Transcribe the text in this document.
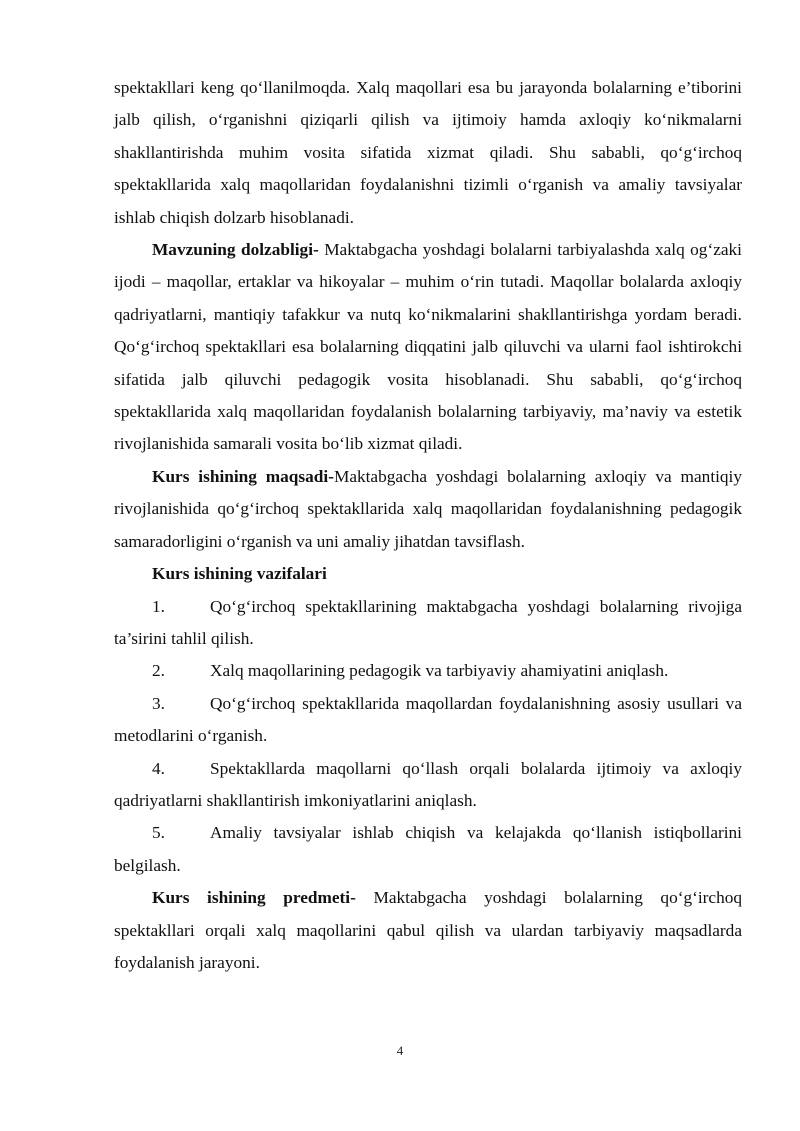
spektakllari keng qo‘llanilmoqda. Xalq maqollari esa bu jarayonda bolalarning e’tiborini jalb qilish, o‘rganishni qiziqarli qilish va ijtimoiy hamda axloqiy ko‘nikmalarni shakllantirishda muhim vosita sifatida xizmat qiladi. Shu sababli, qo‘g‘irchoq spektakllarida xalq maqollaridan foydalanishni tizimli o‘rganish va amaliy tavsiyalar ishlab chiqish dolzarb hisoblanadi.

Mavzuning dolzabligi- Maktabgacha yoshdagi bolalarni tarbiyalashda xalq og‘zaki ijodi – maqollar, ertaklar va hikoyalar – muhim o‘rin tutadi. Maqollar bolalarda axloqiy qadriyatlarni, mantiqiy tafakkur va nutq ko‘nikmalarini shakllantirishga yordam beradi. Qo‘g‘irchoq spektakllari esa bolalarning diqqatini jalb qiluvchi va ularni faol ishtirokchi sifatida jalb qiluvchi pedagogik vosita hisoblanadi. Shu sababli, qo‘g‘irchoq spektakllarida xalq maqollaridan foydalanish bolalarning tarbiyaviy, ma’naviy va estetik rivojlanishida samarali vosita bo‘lib xizmat qiladi.

Kurs ishining maqsadi-Maktabgacha yoshdagi bolalarning axloqiy va mantiqiy rivojlanishida qo‘g‘irchoq spektakllarida xalq maqollaridan foydalanishning pedagogik samaradorligini o‘rganish va uni amaliy jihatdan tavsiflash.

Kurs ishining vazifalari

1.	Qo‘g‘irchoq spektakllarining maktabgacha yoshdagi bolalarning rivojiga ta’sirini tahlil qilish.

2.	Xalq maqollarining pedagogik va tarbiyaviy ahamiyatini aniqlash.

3.	Qo‘g‘irchoq spektakllarida maqollardan foydalanishning asosiy usullari va metodlarini o‘rganish.

4.	Spektakllarda maqollarni qo‘llash orqali bolalarda ijtimoiy va axloqiy qadriyatlarni shakllantirish imkoniyatlarini aniqlash.

5.	Amaliy tavsiyalar ishlab chiqish va kelajakda qo‘llanish istiqbollarini belgilash.

Kurs ishining predmeti- Maktabgacha yoshdagi bolalarning qo‘g‘irchoq spektakllari orqali xalq maqollarini qabul qilish va ulardan tarbiyaviy maqsadlarda foydalanish jarayoni.

4
